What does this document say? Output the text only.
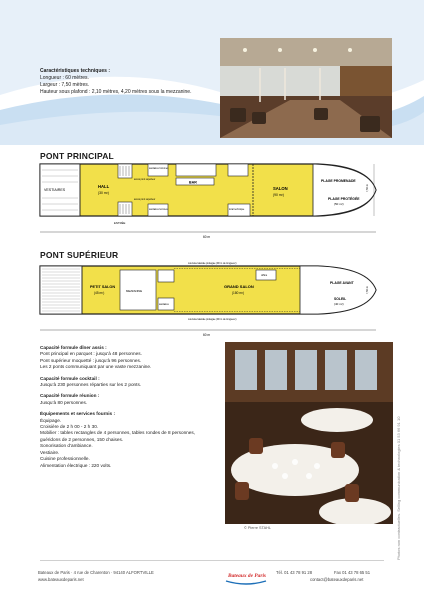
Caractéristiques techniques :
Longueur : 60 mètres.
Largeur : 7,50 mètres.
Hauteur sous plafond : 2,10 mètres, 4,20 mètres sous la mezzanine.
PONT PRINCIPAL
VESTIAIRES
HALL
(30 m²)
sanitaires hommes
sanitaires femmes
accès pont supérieur
accès pont supérieur
BAR
local technique
SALON
(90 m²)
PLAGE PROMENADE
PLAGE PROTÉGÉE
(50 m²)
ENTRÉE
60 m
7,50 m
PONT SUPÉRIEUR
PETIT SALON
(45 m²)	MEZZANINE
sanitaires
GRAND SALON
(180 m²)
office
coursive latérale protégée (90 m de longueur)
coursive latérale protégée (90 m de longueur)
PLAGE AVANT
SOLEIL
(40 m²)
60 m
7,50 m
Capacité formule dîner assis :
Pont principal en parquet : jusqu’à 48 personnes.
Pont supérieur moquetté : jusqu’à 96 personnes.
Les 2 ponts communiquant par une vaste mezzanine.
Capacité formule cocktail :
Jusqu’à 230 personnes réparties sur les 2 ponts.
Capacité formule réunion :
Jusqu’à 80 personnes.
Équipements et services fournis :
Équipage.
Croisière de 2 h 00 - 2 h 30.
Mobilier : tables rectangles de 4 personnes, tables rondes de 8 personnes,
guéridons de 2 personnes, 150 chaises.
Sonorisation d’ambiance.
Vestiaire.
Cuisine professionnelle.
Alimentation électrique : 220 volts.
© Pierre STAHL	Photos non contractuelles. Selling communication & technologies 01 53 66 91 10
Bateaux de Paris · 4 rue de Charenton · 94140 ALFORTVILLE
www.bateauxdeparis.net
Bateaux de Paris
Tél. 01 43 78 91 28	Fax 01 43 78 65 51
contact@bateauxdeparis.net
